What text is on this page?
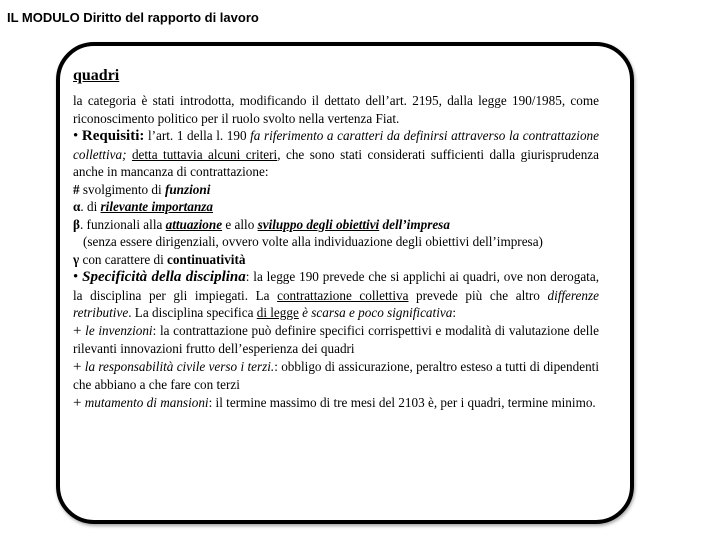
IL MODULO Diritto del rapporto di lavoro

quadri

la categoria è stati introdotta, modificando il dettato dell’art. 2195, dalla legge 190/1985, come riconoscimento politico per il ruolo svolto nella vertenza Fiat.

• Requisiti: l’art. 1 della l. 190 fa riferimento a caratteri da definirsi attraverso la contrattazione collettiva; detta tuttavia alcuni criteri, che sono stati considerati sufficienti dalla giurisprudenza anche in mancanza di contrattazione:

# svolgimento di funzioni

α. di rilevante importanza

β. funzionali alla attuazione e allo sviluppo degli obiettivi dell’impresa

(senza essere dirigenziali, ovvero volte alla individuazione degli obiettivi dell’impresa)

γ con carattere di continuatività

• Specificità della disciplina: la legge 190 prevede che si applichi ai quadri, ove non derogata, la disciplina per gli impiegati. La contrattazione collettiva prevede più che altro differenze retributive. La disciplina specifica di legge è scarsa e poco significativa:

+ le invenzioni: la contrattazione può definire specifici corrispettivi e modalità di valutazione delle rilevanti innovazioni frutto dell’esperienza dei quadri

+ la responsabilità civile verso i terzi.: obbligo di assicurazione, peraltro esteso a tutti di dipendenti che abbiano a che fare con terzi

+ mutamento di mansioni: il termine massimo di tre mesi del 2103 è, per i quadri, termine minimo.
